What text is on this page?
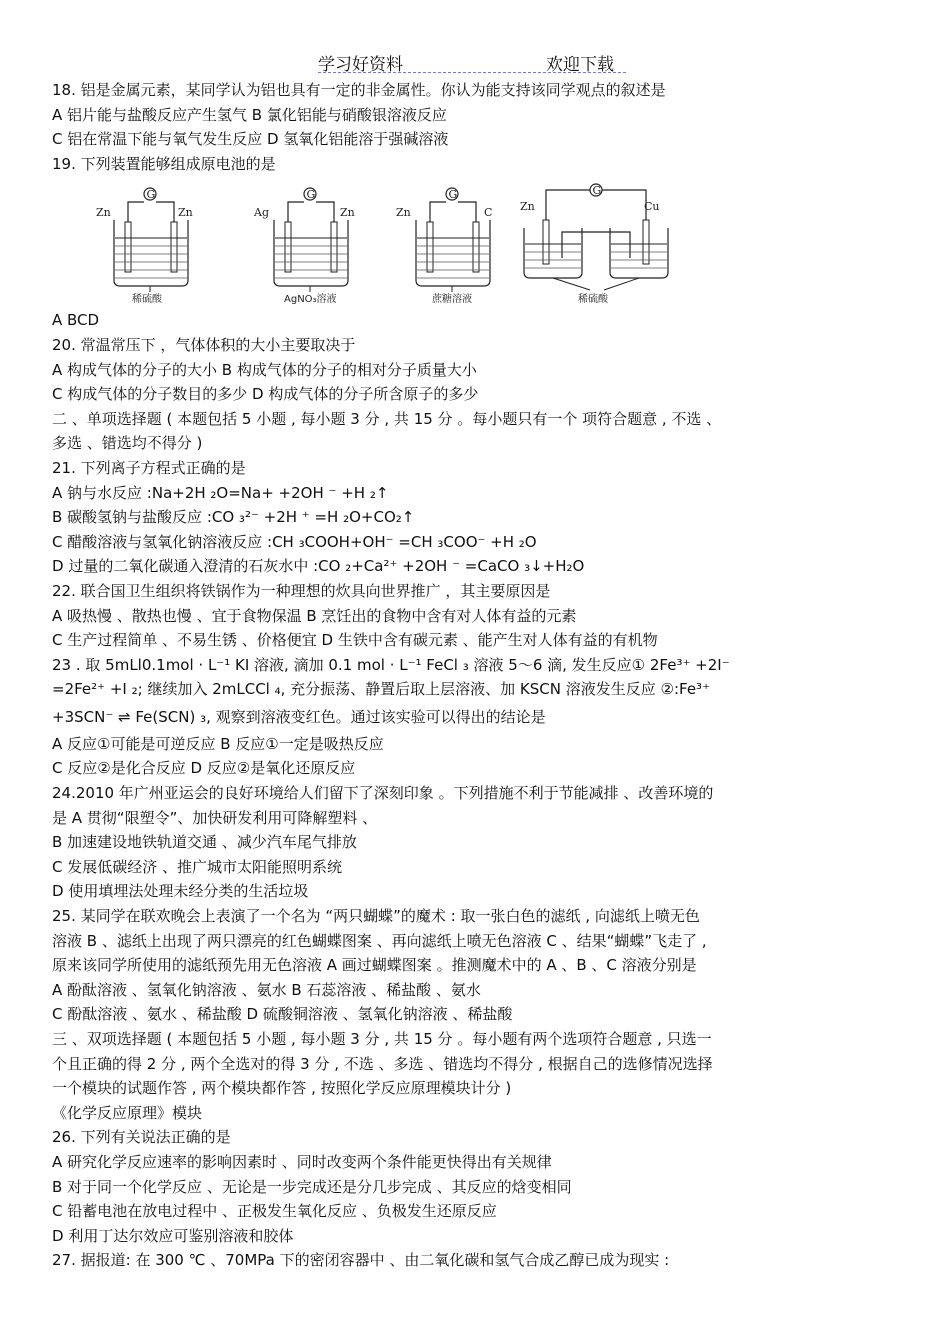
学习好资料	欢迎下载
18. 铝是金属元素，某同学认为铝也具有一定的非金属性。你认为能支持该同学观点的叙述是
A 铝片能与盐酸反应产生氢气 B 氯化铝能与硝酸银溶液反应
C 铝在常温下能与氧气发生反应 D 氢氧化铝能溶于强碱溶液
19. 下列装置能够组成原电池的是
Zn	Zn
G
稀硫酸
Ag	Zn
G
AgNO₃溶液
Zn	C
G
蔗糖溶液
Zn	Cu
G
稀硫酸
A BCD
20. 常温常压下 ，气体体积的大小主要取决于
A 构成气体的分子的大小 B 构成气体的分子的相对分子质量大小
C 构成气体的分子数目的多少 D 构成气体的分子所含原子的多少
二 、单项选择题 ( 本题包括 5 小题 , 每小题 3 分 , 共 15 分 。每小题只有一个 项符合题意 , 不选 、
多选 、错选均不得分 )
21. 下列离子方程式正确的是
A 钠与水反应 :Na+2H ₂O=Na+ +2OH ⁻ +H ₂↑
B 碳酸氢钠与盐酸反应 :CO ₃²⁻ +2H ⁺ =H ₂O+CO₂↑
C 醋酸溶液与氢氧化钠溶液反应 :CH ₃COOH+OH⁻ =CH ₃COO⁻ +H ₂O
D 过量的二氧化碳通入澄清的石灰水中 :CO ₂+Ca²⁺ +2OH ⁻ =CaCO ₃↓+H₂O
22. 联合国卫生组织将铁锅作为一种理想的炊具向世界推广 ，其主要原因是
A 吸热慢 、散热也慢 、宜于食物保温 B 烹饪出的食物中含有对人体有益的元素
C 生产过程简单 、不易生锈 、价格便宜 D 生铁中含有碳元素 、能产生对人体有益的有机物
23 . 取 5mLl0.1mol · L⁻¹ KI 溶液, 滴加 0.1 mol · L⁻¹ FeCl ₃ 溶液 5～6 滴, 发生反应① 2Fe³⁺ +2I⁻
=2Fe²⁺ +I ₂; 继续加入 2mLCCl ₄, 充分振荡、静置后取上层溶液、加 KSCN 溶液发生反应 ②:Fe³⁺
+3SCN⁻ ⇌ Fe(SCN) ₃, 观察到溶液变红色。通过该实验可以得出的结论是
A 反应①可能是可逆反应 B 反应①一定是吸热反应
C 反应②是化合反应 D 反应②是氧化还原反应
24.2010 年广州亚运会的良好环境给人们留下了深刻印象 。下列措施不利于节能减排 、改善环境的
是 A 贯彻“限塑令”、加快研发利用可降解塑料 、
B 加速建设地铁轨道交通 、减少汽车尾气排放
C 发展低碳经济 、推广城市太阳能照明系统
D 使用填埋法处理未经分类的生活垃圾
25. 某同学在联欢晚会上表演了一个名为 “两只蝴蝶”的魔术 : 取一张白色的滤纸 , 向滤纸上喷无色
溶液 B 、滤纸上出现了两只漂亮的红色蝴蝶图案 、再向滤纸上喷无色溶液 C 、结果“蝴蝶”飞走了 ,
原来该同学所使用的滤纸预先用无色溶液 A 画过蝴蝶图案 。推测魔术中的 A 、B 、C 溶液分别是
A 酚酞溶液 、氢氧化钠溶液 、氨水 B 石蕊溶液 、稀盐酸 、氨水
C 酚酞溶液 、氨水 、稀盐酸 D 硫酸铜溶液 、氢氧化钠溶液 、稀盐酸
三 、双项选择题 ( 本题包括 5 小题 , 每小题 3 分 , 共 15 分 。每小题有两个选项符合题意 , 只选一
个且正确的得 2 分 , 两个全选对的得 3 分 , 不选 、多选 、错选均不得分 , 根据自己的选修情况选择
一个模块的试题作答 , 两个模块都作答 , 按照化学反应原理模块计分 )
《化学反应原理》模块
26. 下列有关说法正确的是
A 研究化学反应速率的影响因素时 、同时改变两个条件能更快得出有关规律
B 对于同一个化学反应 、无论是一步完成还是分几步完成 、其反应的焓变相同
C 铅蓄电池在放电过程中 、正极发生氧化反应 、负极发生还原反应
D 利用丁达尔效应可鉴别溶液和胶体
27. 据报道: 在 300 ℃ 、70MPa 下的密闭容器中 、由二氧化碳和氢气合成乙醇已成为现实 :
